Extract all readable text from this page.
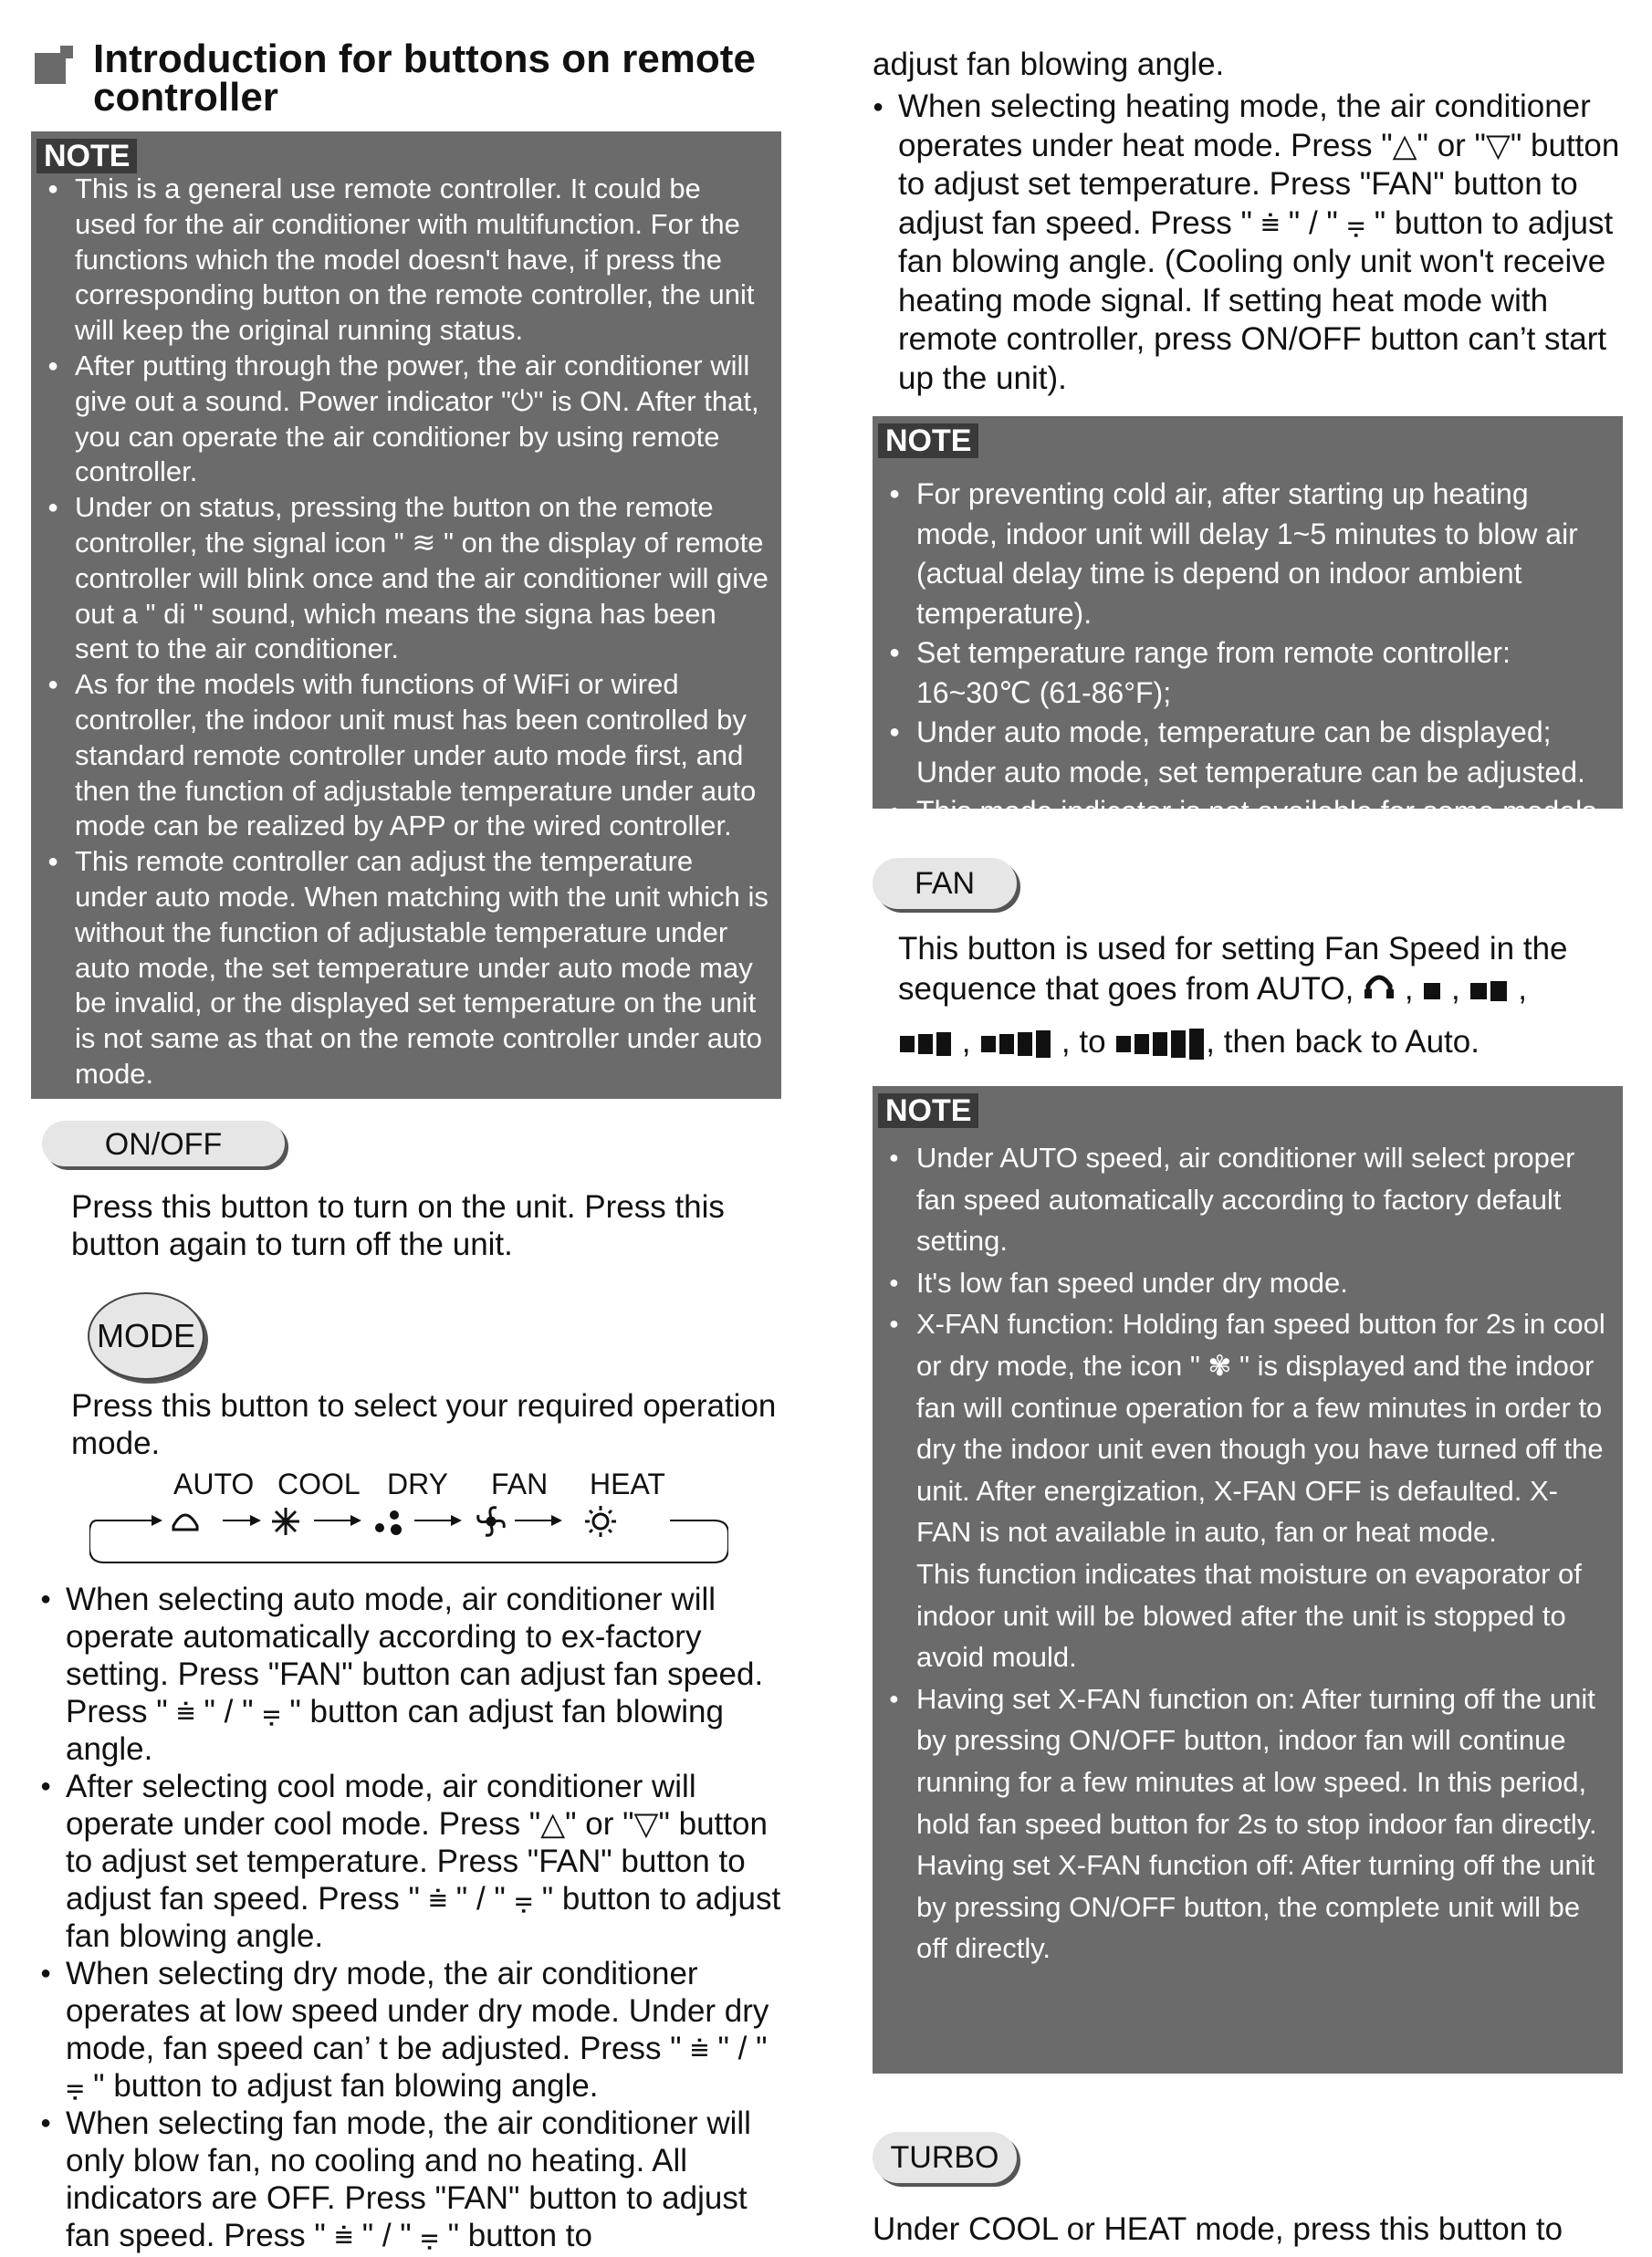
Introduction for buttons on remote controller
NOTE
● This is a general use remote controller. It could be used for the air conditioner with multifunction. For the functions which the model doesn't have, if press the corresponding button on the remote controller, the unit will keep the original running status.
● After putting through the power, the air conditioner will give out a sound. Power indicator "⏻" is ON. After that, you can operate the air conditioner by using remote controller.
● Under on status, pressing the button on the remote controller, the signal icon " ≋ " on the display of remote controller will blink once and the air conditioner will give out a " di " sound, which means the signa has been sent to the air conditioner.
● As for the models with functions of WiFi or wired controller, the indoor unit must has been controlled by standard remote controller under auto mode first, and then the function of adjustable temperature under auto mode can be realized by APP or the wired controller.
● This remote controller can adjust the temperature under auto mode. When matching with the unit which is without the function of adjustable temperature under auto mode, the set temperature under auto mode may be invalid, or the displayed set temperature on the unit is not same as that on the remote controller under auto mode.
ON/OFF

Press this button to turn on the unit. Press this button again to turn off the unit.

MODE

Press this button to select your required operation mode.

AUTO COOL DRY FAN HEAT
● When selecting auto mode, air conditioner will operate automatically according to ex-factory setting. Press "FAN" button can adjust fan speed. Press " ⩧ " / " ⩦ " button can adjust fan blowing angle.
● After selecting cool mode, air conditioner will operate under cool mode. Press "△" or "▽" button to adjust set temperature. Press "FAN" button to adjust fan speed. Press " ⩧ " / " ⩦ " button to adjust fan blowing angle.
● When selecting dry mode, the air conditioner operates at low speed under dry mode. Under dry mode, fan speed can’ t be adjusted. Press " ⩧ " / " ⩦ " button to adjust fan blowing angle.
● When selecting fan mode, the air conditioner will only blow fan, no cooling and no heating. All indicators are OFF. Press "FAN" button to adjust fan speed. Press " ⩧ " / " ⩦ " button to
adjust fan blowing angle.
● When selecting heating mode, the air conditioner operates under heat mode. Press "△" or "▽" button to adjust set temperature. Press "FAN" button to adjust fan speed. Press " ⩧ " / " ⩦ " button to adjust fan blowing angle. (Cooling only unit won't receive heating mode signal. If setting heat mode with remote controller, press ON/OFF button can’t start up the unit).
NOTE
● For preventing cold air, after starting up heating mode, indoor unit will delay 1~5 minutes to blow air (actual delay time is depend on indoor ambient temperature).
● Set temperature range from remote controller: 16~30℃ (61-86°F);
● Under auto mode, temperature can be displayed; Under auto mode, set temperature can be adjusted.
● This mode indicator is not available for some models.
FAN
This button is used for setting Fan Speed in the sequence that goes from AUTO,  ,  ,  ,
,	, to	, then back to Auto.
NOTE
● Under AUTO speed, air conditioner will select proper fan speed automatically according to factory default setting.
● It's low fan speed under dry mode.
● X-FAN function: Holding fan speed button for 2s in cool or dry mode, the icon " ✾ " is displayed and the indoor fan will continue operation for a few minutes in order to dry the indoor unit even though you have turned off the unit. After energization, X-FAN OFF is defaulted. X-FAN is not available in auto, fan or heat mode.
This function indicates that moisture on evaporator of indoor unit will be blowed after the unit is stopped to avoid mould.
● Having set X-FAN function on: After turning off the unit by pressing ON/OFF button, indoor fan will continue running for a few minutes at low speed. In this period, hold fan speed button for 2s to stop indoor fan directly.
Having set X-FAN function off: After turning off the unit by pressing ON/OFF button, the complete unit will be off directly.
TURBO

Under COOL or HEAT mode, press this button to
